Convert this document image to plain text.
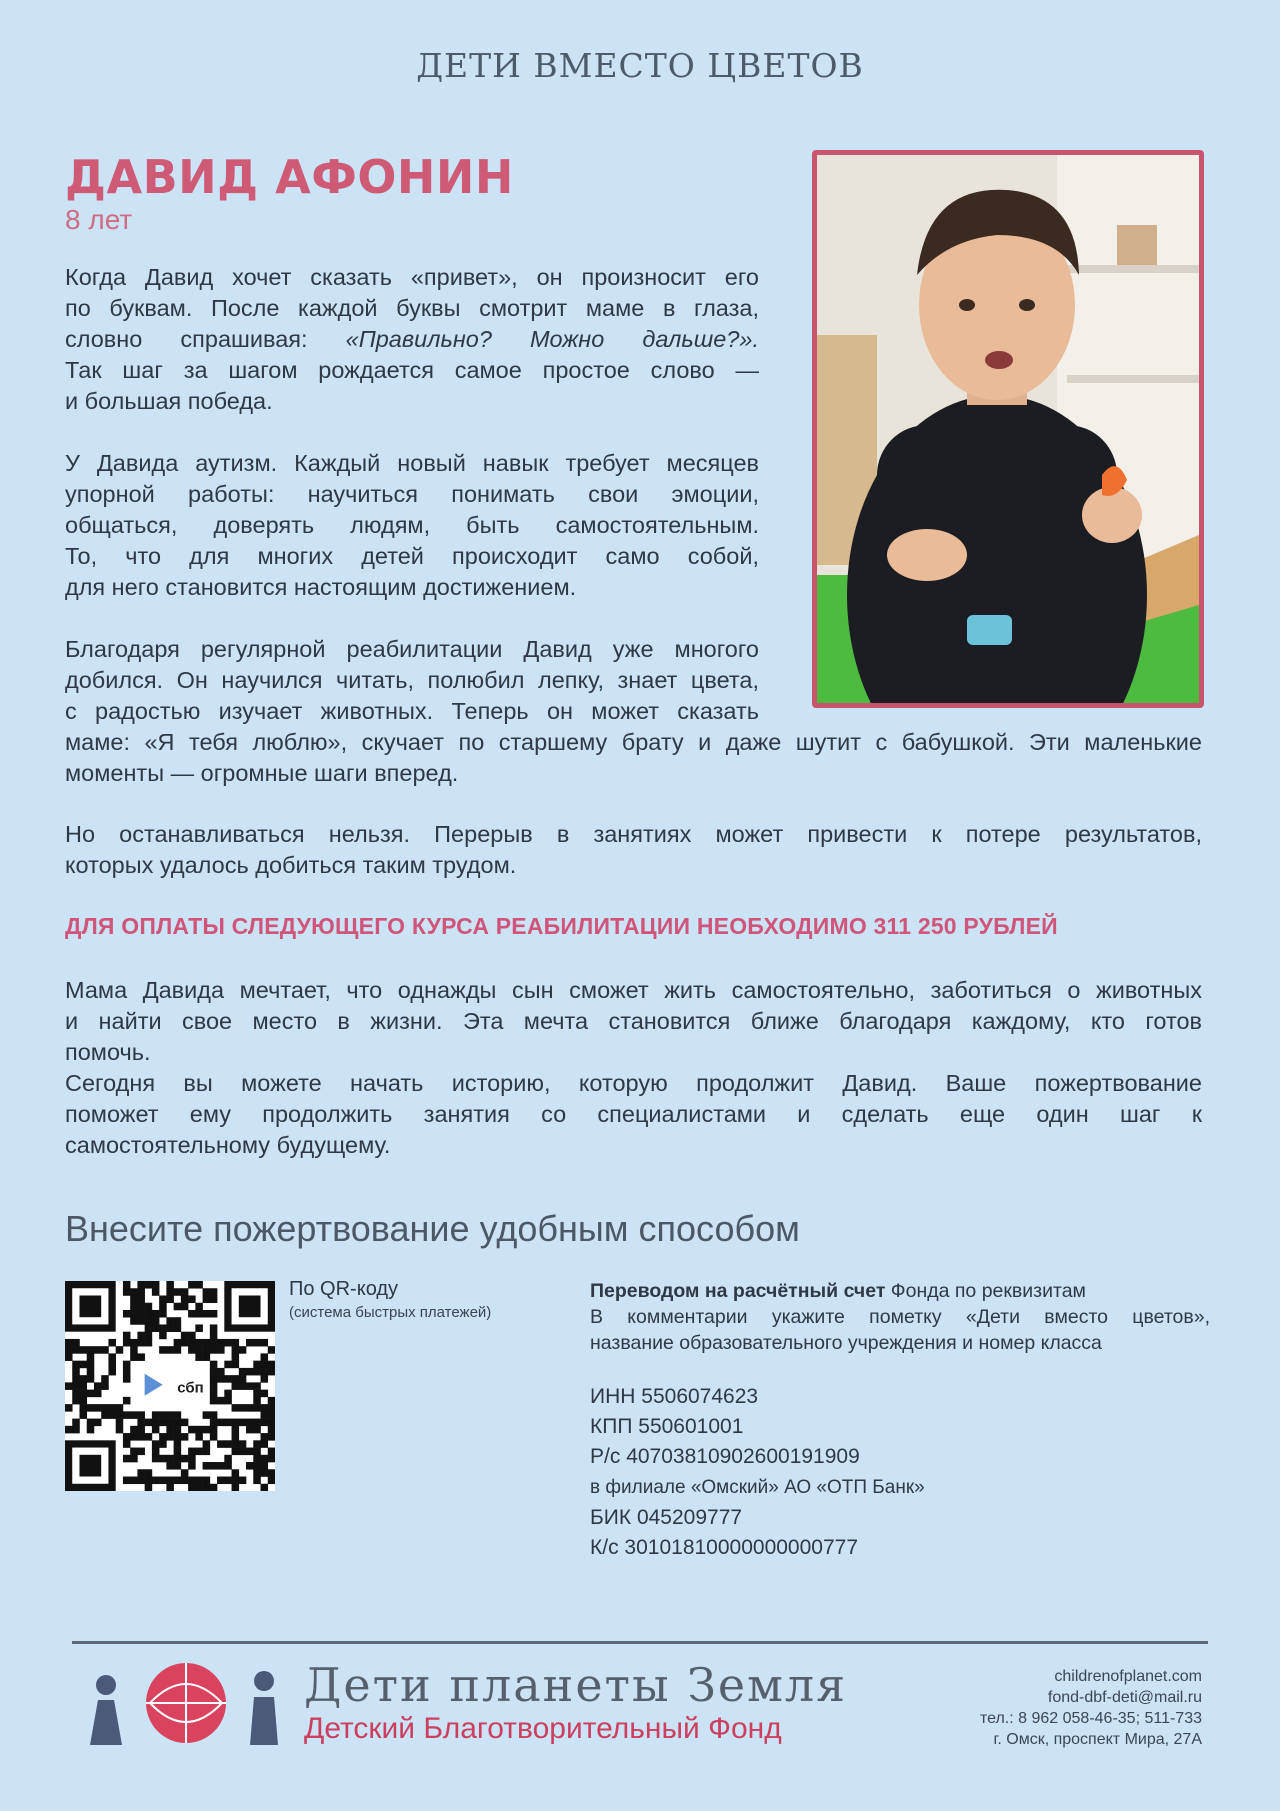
ДЕТИ ВМЕСТО ЦВЕТОВ
ДАВИД АФОНИН
8 лет
Когда Давид хочет сказать «привет», он произносит его
по буквам. После каждой буквы смотрит маме в глаза,
словно спрашивая: «Правильно? Можно дальше?».
Так шаг за шагом рождается самое простое слово —
и большая победа.
У Давида аутизм. Каждый новый навык требует месяцев
упорной работы: научиться понимать свои эмоции,
общаться, доверять людям, быть самостоятельным.
То, что для многих детей происходит само собой,
для него становится настоящим достижением.
Благодаря регулярной реабилитации Давид уже многого
добился. Он научился читать, полюбил лепку, знает цвета,
с радостью изучает животных. Теперь он может сказать
маме: «Я тебя люблю», скучает по старшему брату и даже шутит с бабушкой. Эти маленькие
моменты — огромные шаги вперед.
Но останавливаться нельзя. Перерыв в занятиях может привести к потере результатов,
которых удалось добиться таким трудом.
ДЛЯ ОПЛАТЫ СЛЕДУЮЩЕГО КУРСА РЕАБИЛИТАЦИИ НЕОБХОДИМО 311 250 РУБЛЕЙ
Мама Давида мечтает, что однажды сын сможет жить самостоятельно, заботиться о животных
и найти свое место в жизни. Эта мечта становится ближе благодаря каждому, кто готов
помочь.
Сегодня вы можете начать историю, которую продолжит Давид. Ваше пожертвование
поможет ему продолжить занятия со специалистами и сделать еще один шаг к
самостоятельному будущему.
Внесите пожертвование удобным способом
сбп
По QR-коду
(система быстрых платежей)
Переводом на расчётный счет Фонда по реквизитам
В комментарии укажите пометку «Дети вместо цветов»,
название образовательного учреждения и номер класса
ИНН 5506074623
КПП 550601001
Р/с 40703810902600191909
в филиале «Омский» АО «ОТП Банк»
БИК 045209777
К/с 30101810000000000777
Дети планеты Земля
Детский Благотворительный Фонд
childrenofplanet.com
fond-dbf-deti@mail.ru
тел.: 8 962 058-46-35; 511-733
г. Омск, проспект Мира, 27А
